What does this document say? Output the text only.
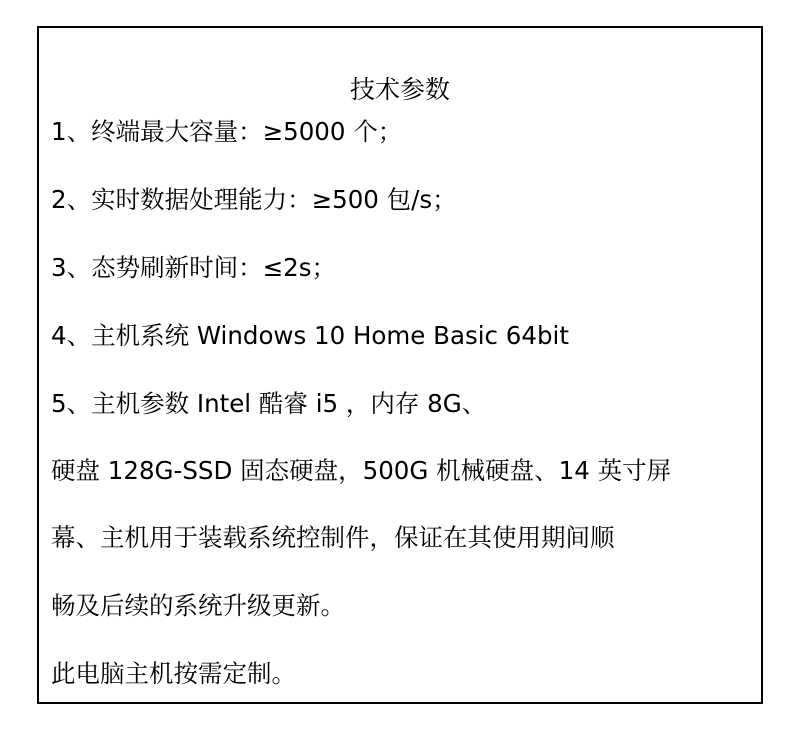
技术参数
1、终端最大容量：≥5000 个；
2、实时数据处理能力：≥500 包/s；
3、态势刷新时间：≤2s；
4、主机系统 Windows 10 Home Basic 64bit
5、主机参数 Intel 酷睿 i5 ，内存 8G、
硬盘 128G-SSD 固态硬盘，500G 机械硬盘、14 英寸屏
幕、主机用于装载系统控制件，保证在其使用期间顺
畅及后续的系统升级更新。
此电脑主机按需定制。
